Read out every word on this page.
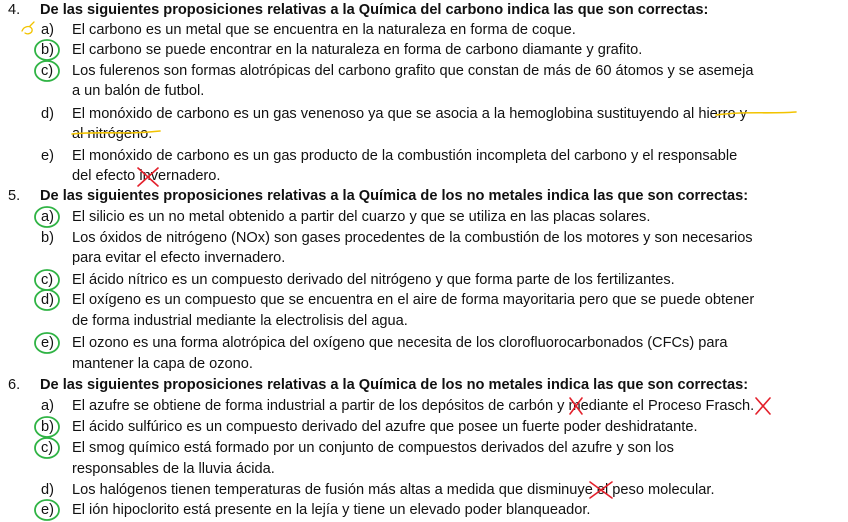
4. De las siguientes proposiciones relativas a la Química del carbono indica las que son correctas:
a)	El carbono es un metal que se encuentra en la naturaleza en forma de coque.
b)	El carbono se puede encontrar en la naturaleza en forma de carbono diamante y grafito.
c)	Los fulerenos son formas alotrópicas del carbono grafito que constan de más de 60 átomos y se asemeja
a un balón de futbol.
d)	El monóxido de carbono es un gas venenoso ya que se asocia a la hemoglobina sustituyendo al hierro y
al nitrógeno.
e)	El monóxido de carbono es un gas producto de la combustión incompleta del carbono y el responsable
del efecto invernadero.
5. De las siguientes proposiciones relativas a la Química de los no metales indica las que son correctas:
a)	El silicio es un no metal obtenido a partir del cuarzo y que se utiliza en las placas solares.
b)	Los óxidos de nitrógeno (NOx) son gases procedentes de la combustión de los motores y son necesarios
para evitar el efecto invernadero.
c)	El ácido nítrico es un compuesto derivado del nitrógeno y que forma parte de los fertilizantes.
d)	El oxígeno es un compuesto que se encuentra en el aire de forma mayoritaria pero que se puede obtener
de forma industrial mediante la electrolisis del agua.
e)	El ozono es una forma alotrópica del oxígeno que necesita de los clorofluorocarbonados (CFCs) para
mantener la capa de ozono.
6. De las siguientes proposiciones relativas a la Química de los no metales indica las que son correctas:
a)	El azufre se obtiene de forma industrial a partir de los depósitos de carbón y mediante el Proceso Frasch.
b)	El ácido sulfúrico es un compuesto derivado del azufre que posee un fuerte poder deshidratante.
c)	El smog químico está formado por un conjunto de compuestos derivados del azufre y son los
responsables de la lluvia ácida.
d)	Los halógenos tienen temperaturas de fusión más altas a medida que disminuye el peso molecular.
e)	El ión hipoclorito está presente en la lejía y tiene un elevado poder blanqueador.
